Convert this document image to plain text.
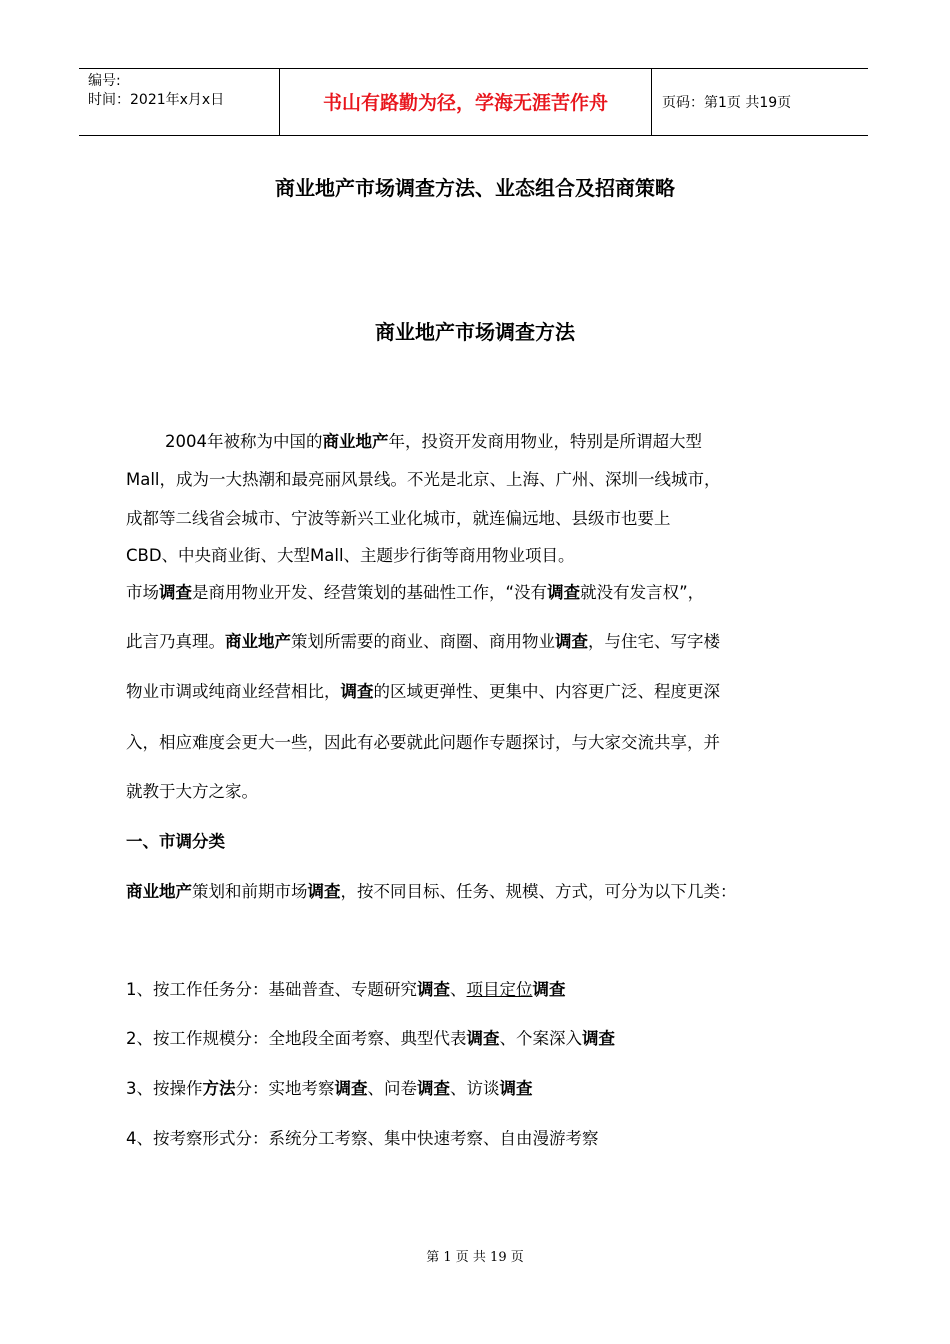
编号:
时间：2021年x月x日	书山有路勤为径，学海无涯苦作舟	页码：第1页 共19页
商业地产市场调查方法、业态组合及招商策略
商业地产市场调查方法
2004年被称为中国的商业地产年，投资开发商用物业，特别是所谓超大型
Mall，成为一大热潮和最亮丽风景线。不光是北京、上海、广州、深圳一线城市，
成都等二线省会城市、宁波等新兴工业化城市，就连偏远地、县级市也要上
CBD、中央商业街、大型Mall、主题步行街等商用物业项目。
市场调查是商用物业开发、经营策划的基础性工作，“没有调查就没有发言权”，
此言乃真理。商业地产策划所需要的商业、商圈、商用物业调查，与住宅、写字楼
物业市调或纯商业经营相比，调查的区域更弹性、更集中、内容更广泛、程度更深
入，相应难度会更大一些，因此有必要就此问题作专题探讨，与大家交流共享，并
就教于大方之家。
一、市调分类
商业地产策划和前期市场调查，按不同目标、任务、规模、方式，可分为以下几类：
1、按工作任务分：基础普查、专题研究调查、项目定位调查
2、按工作规模分：全地段全面考察、典型代表调查、个案深入调查
3、按操作方法分：实地考察调查、问卷调查、访谈调查
4、按考察形式分：系统分工考察、集中快速考察、自由漫游考察
第 1 页 共 19 页
